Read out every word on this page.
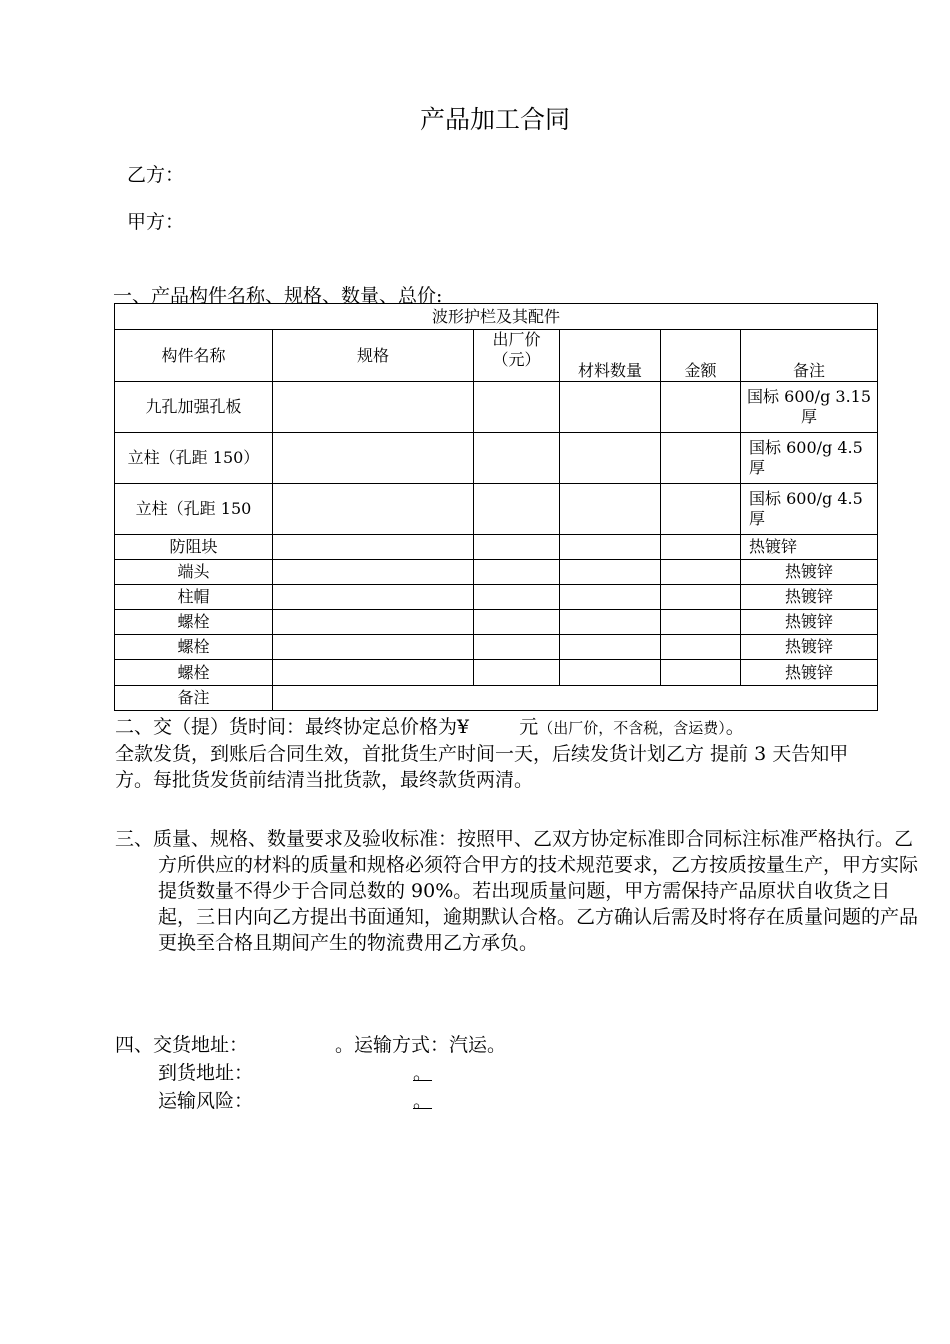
产品加工合同
乙方：
甲方：
一、产品构件名称、规格、数量、总价:
波形护栏及其配件					
构件名称	规格	出厂价（元）	材料数量	金额	备注
九孔加强孔板					国标 600/g 3.15 厚
立柱（孔距 150）					国标 600/g 4.5 厚
立柱（孔距 150					国标 600/g 4.5 厚
防阻块					热镀锌
端头					热镀锌
柱帽					热镀锌
螺栓					热镀锌
螺栓					热镀锌
螺栓					热镀锌
备注					
二、交（提）货时间：最终协定总价格为¥	元（出厂价，不含税，含运费）。
全款发货，到账后合同生效，首批货生产时间一天，后续发货计划乙方 提前 3 天告知甲方。每批货发货前结清当批货款，最终款货两清。
三、质量、规格、数量要求及验收标准：按照甲、乙双方协定标准即合同标注标准严格执行。乙方所供应的材料的质量和规格必须符合甲方的技术规范要求，乙方按质按量生产，甲方实际提货数量不得少于合同总数的 90%。若出现质量问题，甲方需保持产品原状自收货之日起，三日内向乙方提出书面通知，逾期默认合格。乙方确认后需及时将存在质量问题的产品更换至合格且期间产生的物流费用乙方承负。
四、交货地址：	。运输方式：汽运。
到货地址：	。
运输风险：	。
